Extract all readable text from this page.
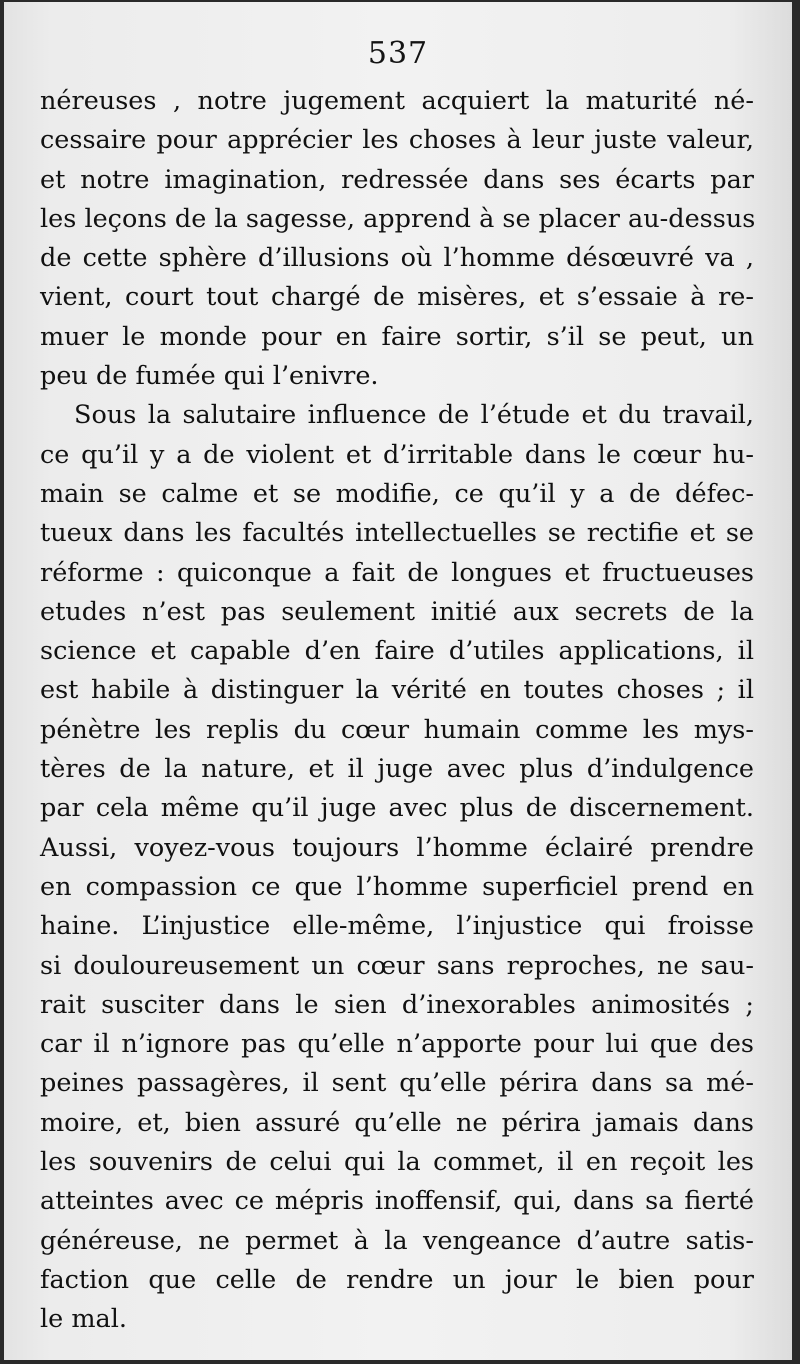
537
néreuses , notre jugement acquiert la maturité né-
cessaire pour apprécier les choses à leur juste valeur,
et notre imagination, redressée dans ses écarts par
les leçons de la sagesse, apprend à se placer au-dessus
de cette sphère d’illusions où l’homme désœuvré va ,
vient, court tout chargé de misères, et s’essaie à re-
muer le monde pour en faire sortir, s’il se peut, un
peu de fumée qui l’enivre.
Sous la salutaire influence de l’étude et du travail,
ce qu’il y a de violent et d’irritable dans le cœur hu-
main se calme et se modifie, ce qu’il y a de défec-
tueux dans les facultés intellectuelles se rectifie et se
réforme : quiconque a fait de longues et fructueuses
etudes n’est pas seulement initié aux secrets de la
science et capable d’en faire d’utiles applications, il
est habile à distinguer la vérité en toutes choses ; il
pénètre les replis du cœur humain comme les mys-
tères de la nature, et il juge avec plus d’indulgence
par cela même qu’il juge avec plus de discernement.
Aussi, voyez-vous toujours l’homme éclairé prendre
en compassion ce que l’homme superficiel prend en
haine. L’injustice elle-même, l’injustice qui froisse
si douloureusement un cœur sans reproches, ne sau-
rait susciter dans le sien d’inexorables animosités ;
car il n’ignore pas qu’elle n’apporte pour lui que des
peines passagères, il sent qu’elle périra dans sa mé-
moire, et, bien assuré qu’elle ne périra jamais dans
les souvenirs de celui qui la commet, il en reçoit les
atteintes avec ce mépris inoffensif, qui, dans sa fierté
généreuse, ne permet à la vengeance d’autre satis-
faction que celle de rendre un jour le bien pour
le mal.
